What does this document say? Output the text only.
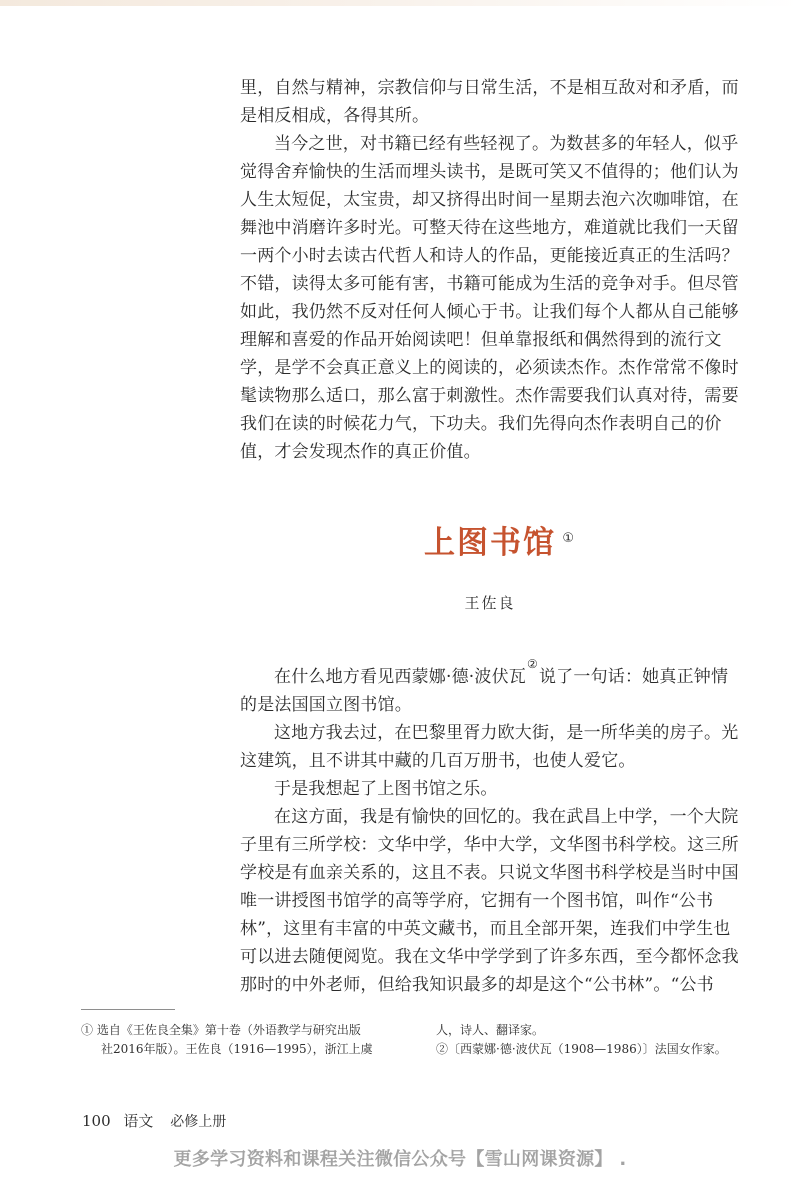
里，自然与精神，宗教信仰与日常生活，不是相互敌对和矛盾，而是相反相成，各得其所。

当今之世，对书籍已经有些轻视了。为数甚多的年轻人，似乎觉得舍弃愉快的生活而埋头读书，是既可笑又不值得的；他们认为人生太短促，太宝贵，却又挤得出时间一星期去泡六次咖啡馆，在舞池中消磨许多时光。可整天待在这些地方，难道就比我们一天留一两个小时去读古代哲人和诗人的作品，更能接近真正的生活吗？不错，读得太多可能有害，书籍可能成为生活的竞争对手。但尽管如此，我仍然不反对任何人倾心于书。让我们每个人都从自己能够理解和喜爱的作品开始阅读吧！但单靠报纸和偶然得到的流行文学，是学不会真正意义上的阅读的，必须读杰作。杰作常常不像时髦读物那么适口，那么富于刺激性。杰作需要我们认真对待，需要我们在读的时候花力气，下功夫。我们先得向杰作表明自己的价值，才会发现杰作的真正价值。

上图书馆 ①
王佐良

在什么地方看见西蒙娜·德·波伏瓦②说了一句话：她真正钟情的是法国国立图书馆。

这地方我去过，在巴黎里胥力欧大街，是一所华美的房子。光这建筑，且不讲其中藏的几百万册书，也使人爱它。

于是我想起了上图书馆之乐。

在这方面，我是有愉快的回忆的。我在武昌上中学，一个大院子里有三所学校：文华中学，华中大学，文华图书科学校。这三所学校是有血亲关系的，这且不表。只说文华图书科学校是当时中国唯一讲授图书馆学的高等学府，它拥有一个图书馆，叫作“公书林”，这里有丰富的中英文藏书，而且全部开架，连我们中学生也可以进去随便阅览。我在文华中学学到了许多东西，至今都怀念我那时的中外老师，但给我知识最多的却是这个“公书林”。“公书

① 选自《王佐良全集》第十卷（外语教学与研究出版

社2016年版）。王佐良（1916—1995），浙江上虞

人，诗人、翻译家。

②〔西蒙娜·德·波伏瓦（1908—1986）〕法国女作家。

100 语文 必修上册
更多学习资料和课程关注微信公众号【雪山网课资源】 .
